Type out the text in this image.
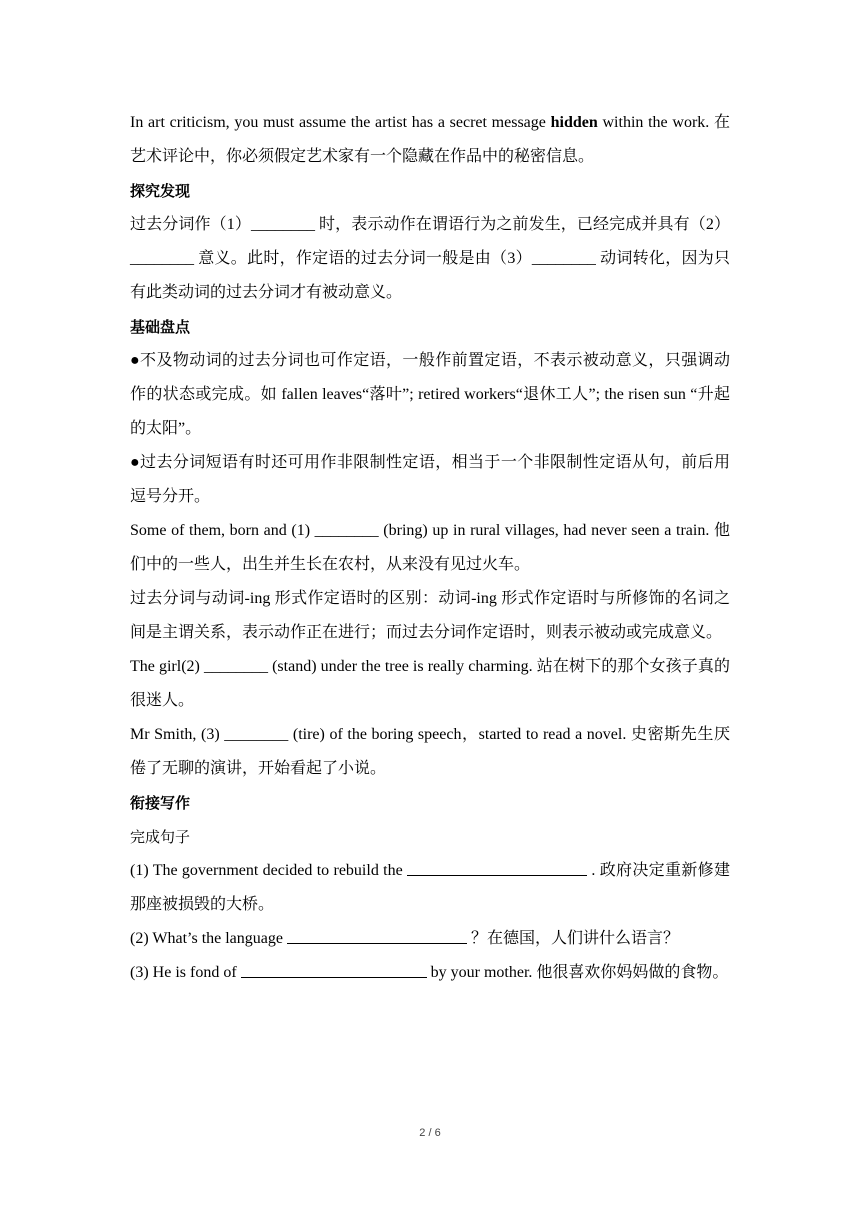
In art criticism, you must assume the artist has a secret message hidden within the work. 在艺术评论中，你必须假定艺术家有一个隐藏在作品中的秘密信息。
探究发现
过去分词作（1）________ 时，表示动作在谓语行为之前发生，已经完成并具有（2）________ 意义。此时，作定语的过去分词一般是由（3）________ 动词转化，因为只有此类动词的过去分词才有被动意义。
基础盘点
●不及物动词的过去分词也可作定语，一般作前置定语，不表示被动意义，只强调动作的状态或完成。如 fallen leaves“落叶”; retired workers“退休工人”; the risen sun “升起的太阳”。
●过去分词短语有时还可用作非限制性定语，相当于一个非限制性定语从句，前后用逗号分开。
Some of them, born and (1) ________ (bring) up in rural villages, had never seen a train. 他们中的一些人，出生并生长在农村，从来没有见过火车。
过去分词与动词-ing 形式作定语时的区别：动词-ing 形式作定语时与所修饰的名词之间是主谓关系，表示动作正在进行；而过去分词作定语时，则表示被动或完成意义。
The girl(2) ________ (stand) under the tree is really charming. 站在树下的那个女孩子真的很迷人。
Mr Smith, (3) ________ (tire) of the boring speech，started to read a novel. 史密斯先生厌倦了无聊的演讲，开始看起了小说。
衔接写作
完成句子
(1) The government decided to rebuild the	. 政府决定重新修建那座被损毁的大桥。
(2) What’s the language	？在德国，人们讲什么语言？
(3) He is fond of	by your mother. 他很喜欢你妈妈做的食物。
2 / 6
